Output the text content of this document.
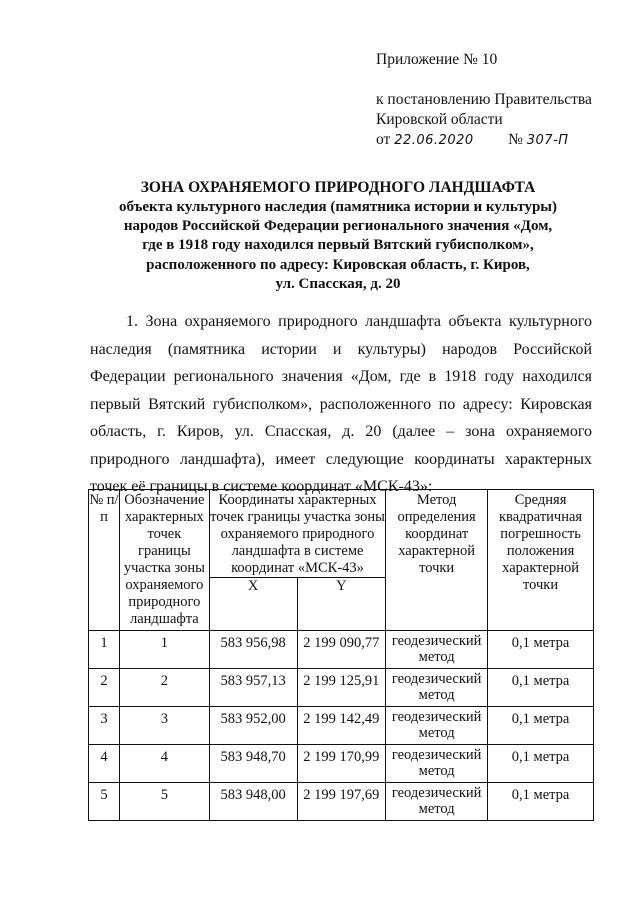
Приложение № 10
к постановлению Правительства
Кировской области
от 22.06.2020 № 307-П
ЗОНА ОХРАНЯЕМОГО ПРИРОДНОГО ЛАНДШАФТА
объекта культурного наследия (памятника истории и культуры)
народов Российской Федерации регионального значения «Дом,
где в 1918 году находился первый Вятский губисполком»,
расположенного по адресу: Кировская область, г. Киров,
ул. Спасская, д. 20

1. Зона охраняемого природного ландшафта объекта культурного наследия (памятника истории и культуры) народов Российской Федерации регионального значения «Дом, где в 1918 году находился первый Вятский губисполком», расположенного по адресу: Кировская область, г. Киров, ул. Спасская, д. 20 (далее – зона охраняемого природного ландшафта), имеет следующие координаты характерных точек её границы в системе координат «МСК-43»:

№ п/п	Обозначение характерных точек границы участка зоны охраняемого природного ландшафта	Координаты характерных точек границы участка зоны охраняемого природного ландшафта в системе координат «МСК-43»		Метод определения координат характерной точки	Средняя квадратичная погрешность положения характерной точки
		X	Y		
1	1	583 956,98	2 199 090,77	геодезический метод	0,1 метра
2	2	583 957,13	2 199 125,91	геодезический метод	0,1 метра
3	3	583 952,00	2 199 142,49	геодезический метод	0,1 метра
4	4	583 948,70	2 199 170,99	геодезический метод	0,1 метра
5	5	583 948,00	2 199 197,69	геодезический метод	0,1 метра
